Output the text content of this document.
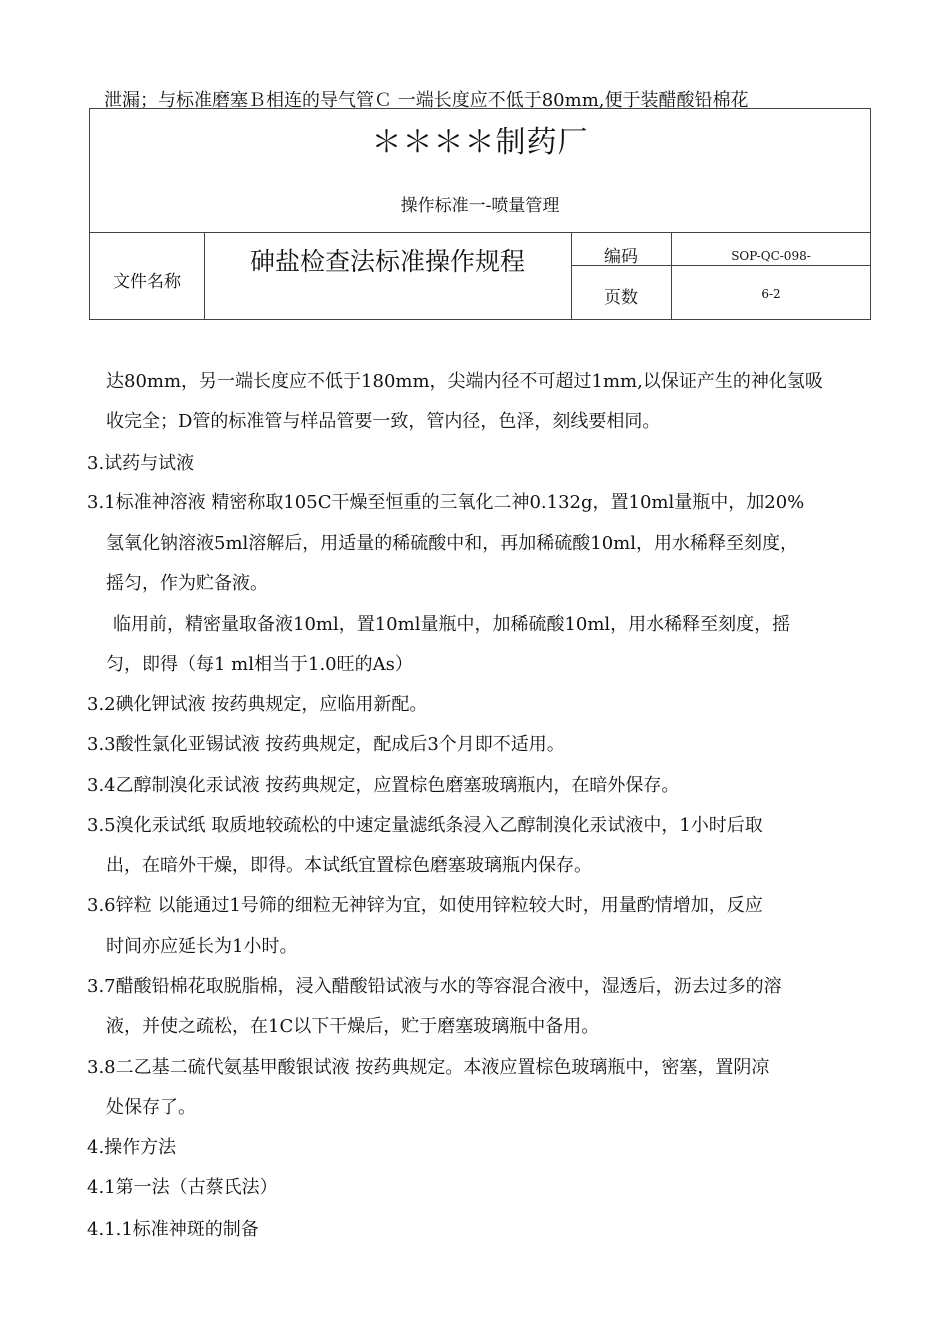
泄漏；与标准磨塞Ｂ相连的导气管Ｃ 一端长度应不低于80mm,便于装醋酸铅棉花
＊＊＊＊制药厂
操作标准一-喷量管理
文件名称
砷盐检查法标准操作规程	编码	SOP-QC-098-
页数	6-2
达80mm，另一端长度应不低于180mm，尖端内径不可超过1mm,以保证产生的神化氢吸
收完全；D管的标准管与样品管要一致，管内径，色泽，刻线要相同。
3.试药与试液
3.1标准神溶液 精密称取105C干燥至恒重的三氧化二神0.132g，置10ml量瓶中，加20%
氢氧化钠溶液5ml溶解后，用适量的稀硫酸中和，再加稀硫酸10ml，用水稀释至刻度，
摇匀，作为贮备液。
临用前，精密量取备液10ml，置10ml量瓶中，加稀硫酸10ml，用水稀释至刻度，摇
匀，即得（每1 ml相当于1.0旺的As）
3.2碘化钾试液 按药典规定，应临用新配。
3.3酸性氯化亚锡试液 按药典规定，配成后3个月即不适用。
3.4乙醇制溴化汞试液 按药典规定，应置棕色磨塞玻璃瓶内，在暗外保存。
3.5溴化汞试纸 取质地较疏松的中速定量滤纸条浸入乙醇制溴化汞试液中，1小时后取
出，在暗外干燥，即得。本试纸宜置棕色磨塞玻璃瓶内保存。
3.6锌粒 以能通过1号筛的细粒无神锌为宜，如使用锌粒较大时，用量酌情增加，反应
时间亦应延长为1小时。
3.7醋酸铅棉花取脱脂棉，浸入醋酸铅试液与水的等容混合液中，湿透后，沥去过多的溶
液，并使之疏松，在1C以下干燥后，贮于磨塞玻璃瓶中备用。
3.8二乙基二硫代氨基甲酸银试液 按药典规定。本液应置棕色玻璃瓶中，密塞，置阴凉
处保存了。
4.操作方法
4.1第一法（古蔡氏法）
4.1.1标准神斑的制备
